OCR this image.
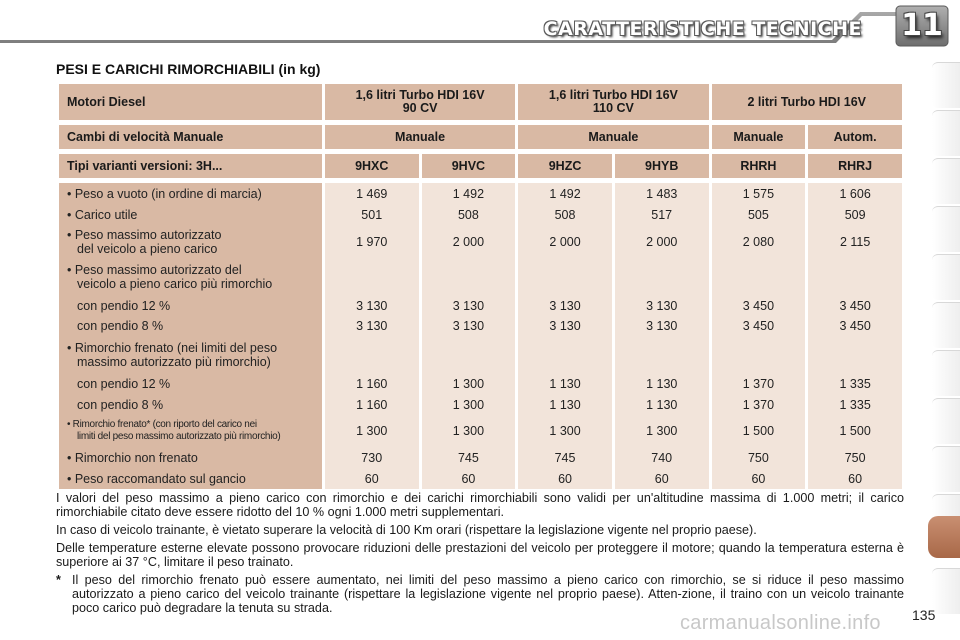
CARATTERISTICHE TECNICHE 11
PESI E CARICHI RIMORCHIABILI (in kg)
Motori Diesel	1,6 litri Turbo HDI 16V 90 CV		1,6 litri Turbo HDI 16V 110 CV		2 litri Turbo HDI 16V	

Cambi di velocità Manuale	Manuale		Manuale		Manuale	Autom.

Tipi varianti versioni: 3H...	9HXC	9HVC	9HZC	9HYB	RHRH	RHRJ

• Peso a vuoto (in ordine di marcia)	1 469	1 492	1 492	1 483	1 575	1 606

• Carico utile	501	508	508	517	505	509

• Peso massimo autorizzato
del veicolo a pieno carico	1 970	2 000	2 000	2 000	2 080	2 115

• Peso massimo autorizzato del
veicolo a pieno carico più rimorchio						

con pendio 12 %	3 130	3 130	3 130	3 130	3 450	3 450

con pendio 8 %	3 130	3 130	3 130	3 130	3 450	3 450

• Rimorchio frenato (nei limiti del peso
massimo autorizzato più rimorchio)						

con pendio 12 %	1 160	1 300	1 130	1 130	1 370	1 335

con pendio 8 %	1 160	1 300	1 130	1 130	1 370	1 335

• Rimorchio frenato* (con riporto del carico nei
limiti del peso massimo autorizzato più rimorchio)	1 300	1 300	1 300	1 300	1 500	1 500

• Rimorchio non frenato	730	745	745	740	750	750

• Peso raccomandato sul gancio	60	60	60	60	60	60

I valori del peso massimo a pieno carico con rimorchio e dei carichi rimorchiabili sono validi per un'altitudine massima di 1.000 metri; il carico rimorchiabile citato deve essere ridotto del 10 % ogni 1.000 metri supplementari.

In caso di veicolo trainante, è vietato superare la velocità di 100 Km orari (rispettare la legislazione vigente nel proprio paese).

Delle temperature esterne elevate possono provocare riduzioni delle prestazioni del veicolo per proteggere il motore; quando la temperatura esterna è superiore ai 37 °C, limitare il peso trainato.

* Il peso del rimorchio frenato può essere aumentato, nei limiti del peso massimo a pieno carico con rimorchio, se si riduce il peso massimo autorizzato a pieno carico del veicolo trainante (rispettare la legislazione vigente nel proprio paese). Atten-zione, il traino con un veicolo trainante poco carico può degradare la tenuta su strada.
carmanualsonline.info 135
